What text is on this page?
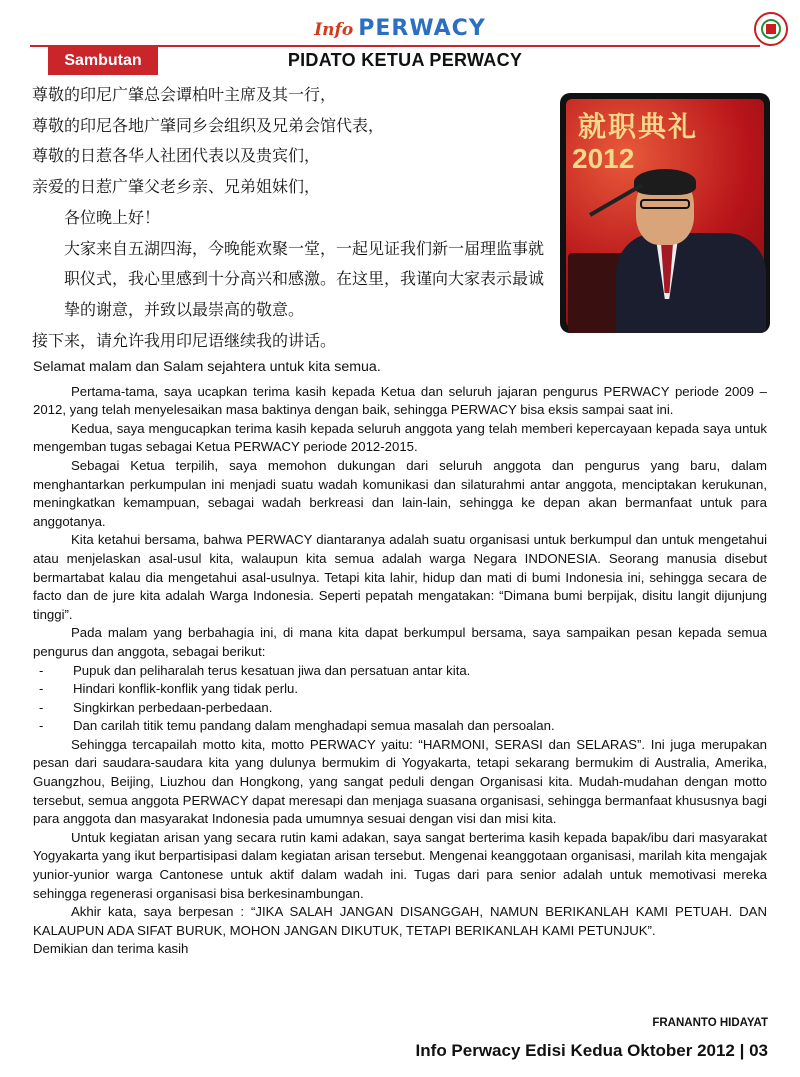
Info PERWACY
Sambutan	PIDATO KETUA PERWACY

尊敬的印尼广肇总会谭柏叶主席及其一行，

尊敬的印尼各地广肇同乡会组织及兄弟会馆代表，

尊敬的日惹各华人社团代表以及贵宾们，

亲爱的日惹广肇父老乡亲、兄弟姐妹们，

各位晚上好！

大家来自五湖四海，今晚能欢聚一堂，一起见证我们新一届理监事就职仪式，我心里感到十分高兴和感激。在这里，我谨向大家表示最诚挚的谢意，并致以最崇高的敬意。

接下来，请允许我用印尼语继续我的讲话。

就职典礼
2012

Selamat malam dan Salam sejahtera untuk kita semua.

Pertama-tama, saya ucapkan terima kasih kepada Ketua dan seluruh jajaran pengurus PERWACY periode 2009 – 2012, yang telah menyelesaikan masa baktinya dengan baik, sehingga PERWACY bisa eksis sampai saat ini.

Kedua, saya mengucapkan terima kasih kepada seluruh anggota yang telah memberi kepercayaan kepada saya untuk mengemban tugas sebagai Ketua PERWACY periode 2012-2015.

Sebagai Ketua terpilih, saya memohon dukungan dari seluruh anggota dan pengurus yang baru, dalam menghantarkan perkumpulan ini menjadi suatu wadah komunikasi dan silaturahmi antar anggota, menciptakan kerukunan, meningkatkan kemampuan, sebagai wadah berkreasi dan lain-lain, sehingga ke depan akan bermanfaat untuk para anggotanya.

Kita ketahui bersama, bahwa PERWACY diantaranya adalah suatu organisasi untuk berkumpul dan untuk mengetahui atau menjelaskan asal-usul kita, walaupun kita semua adalah warga Negara INDONESIA. Seorang manusia disebut bermartabat kalau dia mengetahui asal-usulnya. Tetapi kita lahir, hidup dan mati di bumi Indonesia ini, sehingga secara de facto dan de jure kita adalah Warga Indonesia. Seperti pepatah mengatakan: “Dimana bumi berpijak, disitu langit dijunjung tinggi”.

Pada malam yang berbahagia ini, di mana kita dapat berkumpul bersama, saya sampaikan pesan kepada semua pengurus dan anggota, sebagai berikut:

-	Pupuk dan peliharalah terus kesatuan jiwa dan persatuan antar kita.
-	Hindari konflik-konflik yang tidak perlu.
-	Singkirkan perbedaan-perbedaan.
-	Dan carilah titik temu pandang dalam menghadapi semua masalah dan persoalan.

Sehingga tercapailah motto kita, motto PERWACY yaitu: “HARMONI, SERASI dan SELARAS”. Ini juga merupakan pesan dari saudara-saudara kita yang dulunya bermukim di Yogyakarta, tetapi sekarang bermukim di Australia, Amerika, Guangzhou, Beijing, Liuzhou dan Hongkong, yang sangat peduli dengan Organisasi kita. Mudah-mudahan dengan motto tersebut, semua anggota PERWACY dapat meresapi dan menjaga suasana organisasi, sehingga bermanfaat khususnya bagi para anggota dan masyarakat Indonesia pada umumnya sesuai dengan visi dan misi kita.

Untuk kegiatan arisan yang secara rutin kami adakan, saya sangat berterima kasih kepada bapak/ibu dari masyarakat Yogyakarta yang ikut berpartisipasi dalam kegiatan arisan tersebut. Mengenai keanggotaan organisasi, marilah kita mengajak yunior-yunior warga Cantonese untuk aktif dalam wadah ini. Tugas dari para senior adalah untuk memotivasi mereka sehingga regenerasi organisasi bisa berkesinambungan.

Akhir kata, saya berpesan : “JIKA SALAH JANGAN DISANGGAH, NAMUN BERIKANLAH KAMI PETUAH. DAN KALAUPUN ADA SIFAT BURUK, MOHON JANGAN DIKUTUK, TETAPI BERIKANLAH KAMI PETUNJUK”.

Demikian dan terima kasih

FRANANTO HIDAYAT
Info Perwacy Edisi Kedua Oktober 2012 | 03
